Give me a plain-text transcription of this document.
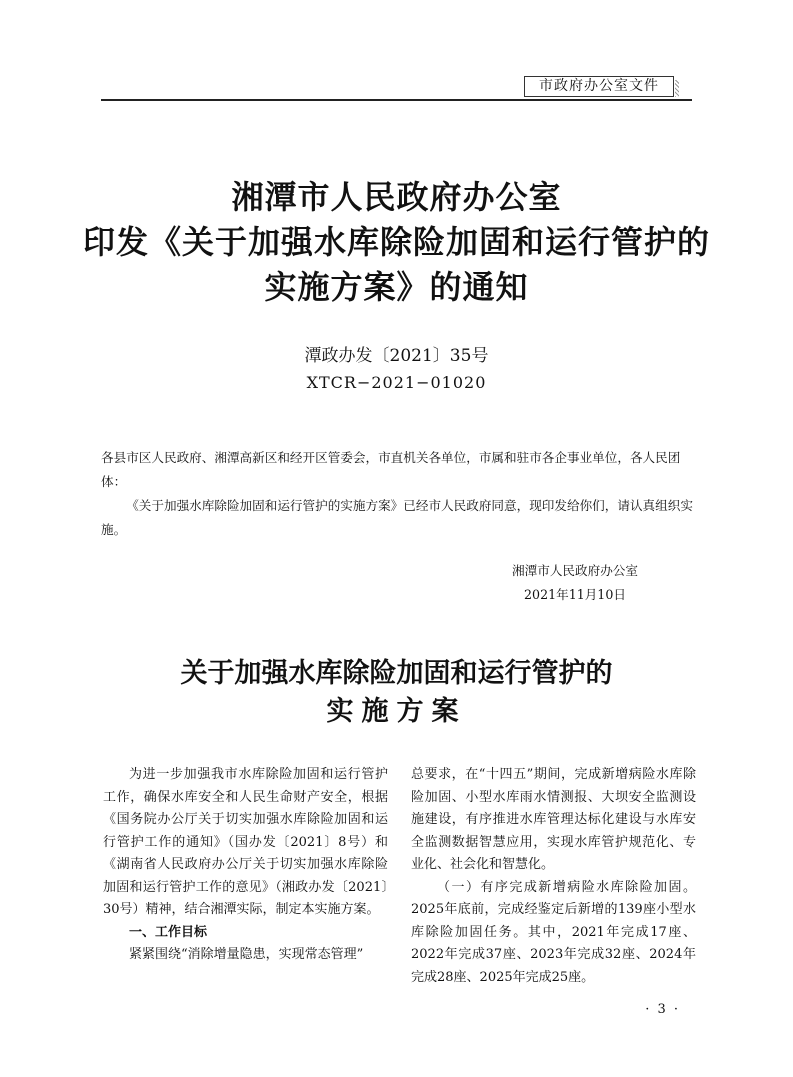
市政府办公室文件
湘潭市人民政府办公室
印发《关于加强水库除险加固和运行管护的
实施方案》的通知
潭政办发〔2021〕35号
XTCR−2021−01020

各县市区人民政府、湘潭高新区和经开区管委会，市直机关各单位，市属和驻市各企事业单位，各人民团体：

《关于加强水库除险加固和运行管护的实施方案》已经市人民政府同意，现印发给你们，请认真组织实施。

湘潭市人民政府办公室
2021年11月10日
关于加强水库除险加固和运行管护的
实施方案

为进一步加强我市水库除险加固和运行管护工作，确保水库安全和人民生命财产安全，根据《国务院办公厅关于切实加强水库除险加固和运行管护工作的通知》（国办发〔2021〕8号）和《湖南省人民政府办公厅关于切实加强水库除险加固和运行管护工作的意见》（湘政办发〔2021〕30号）精神，结合湘潭实际，制定本实施方案。

一、工作目标

紧紧围绕“消除增量隐患，实现常态管理”

总要求，在“十四五”期间，完成新增病险水库除险加固、小型水库雨水情测报、大坝安全监测设施建设，有序推进水库管理达标化建设与水库安全监测数据智慧应用，实现水库管护规范化、专业化、社会化和智慧化。

（一）有序完成新增病险水库除险加固。2025年底前，完成经鉴定后新增的139座小型水库除险加固任务。其中，2021年完成17座、2022年完成37座、2023年完成32座、2024年完成28座、2025年完成25座。

· 3 ·
